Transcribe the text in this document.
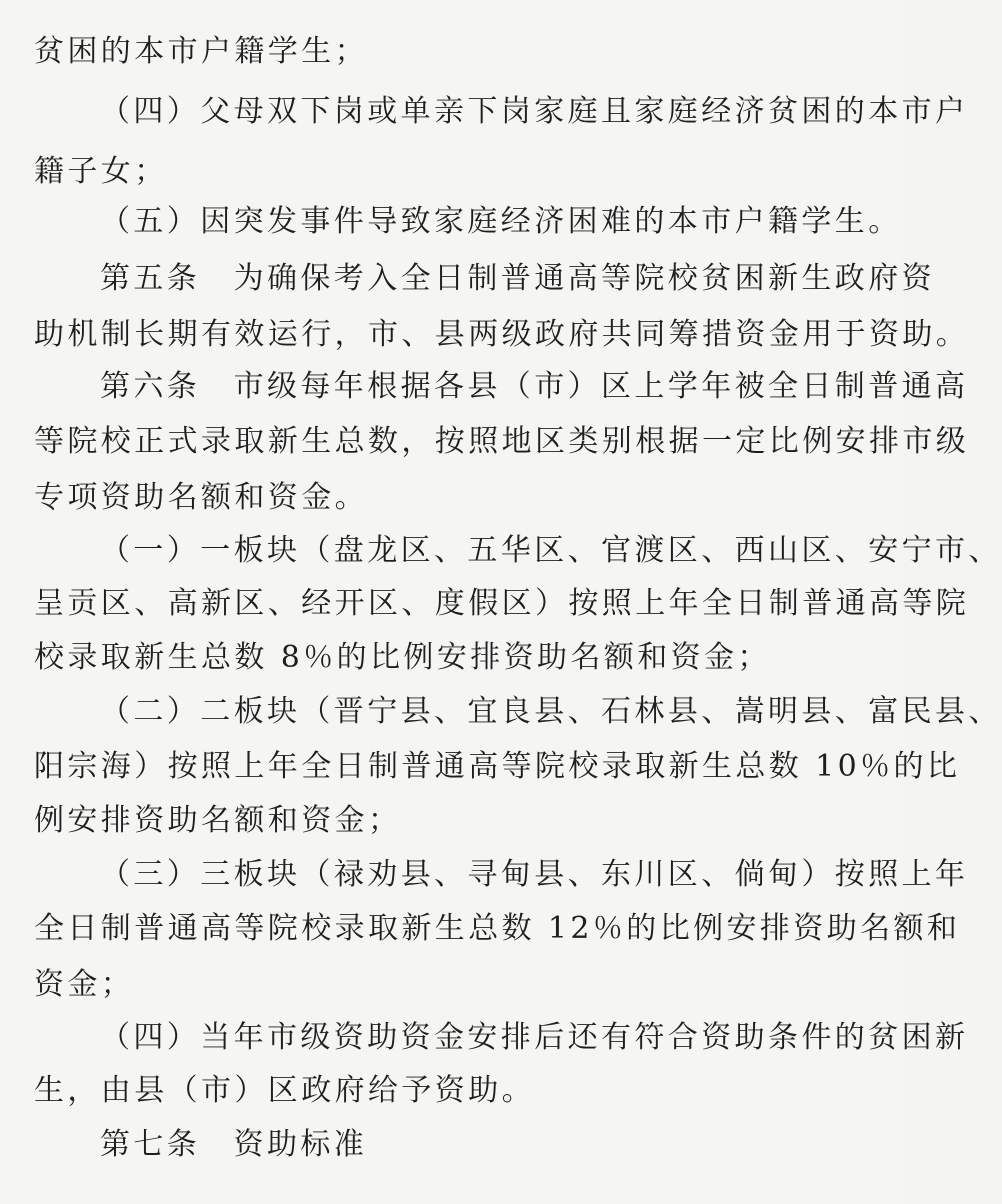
贫困的本市户籍学生；
（四）父母双下岗或单亲下岗家庭且家庭经济贫困的本市户
籍子女；
（五）因突发事件导致家庭经济困难的本市户籍学生。
第五条　为确保考入全日制普通高等院校贫困新生政府资
助机制长期有效运行，市、县两级政府共同筹措资金用于资助。
第六条　市级每年根据各县（市）区上学年被全日制普通高
等院校正式录取新生总数，按照地区类别根据一定比例安排市级
专项资助名额和资金。
（一）一板块（盘龙区、五华区、官渡区、西山区、安宁市、
呈贡区、高新区、经开区、度假区）按照上年全日制普通高等院
校录取新生总数 8％的比例安排资助名额和资金；
（二）二板块（晋宁县、宜良县、石林县、嵩明县、富民县、
阳宗海）按照上年全日制普通高等院校录取新生总数 10％的比
例安排资助名额和资金；
（三）三板块（禄劝县、寻甸县、东川区、倘甸）按照上年
全日制普通高等院校录取新生总数 12％的比例安排资助名额和
资金；
（四）当年市级资助资金安排后还有符合资助条件的贫困新
生，由县（市）区政府给予资助。
第七条　资助标准
